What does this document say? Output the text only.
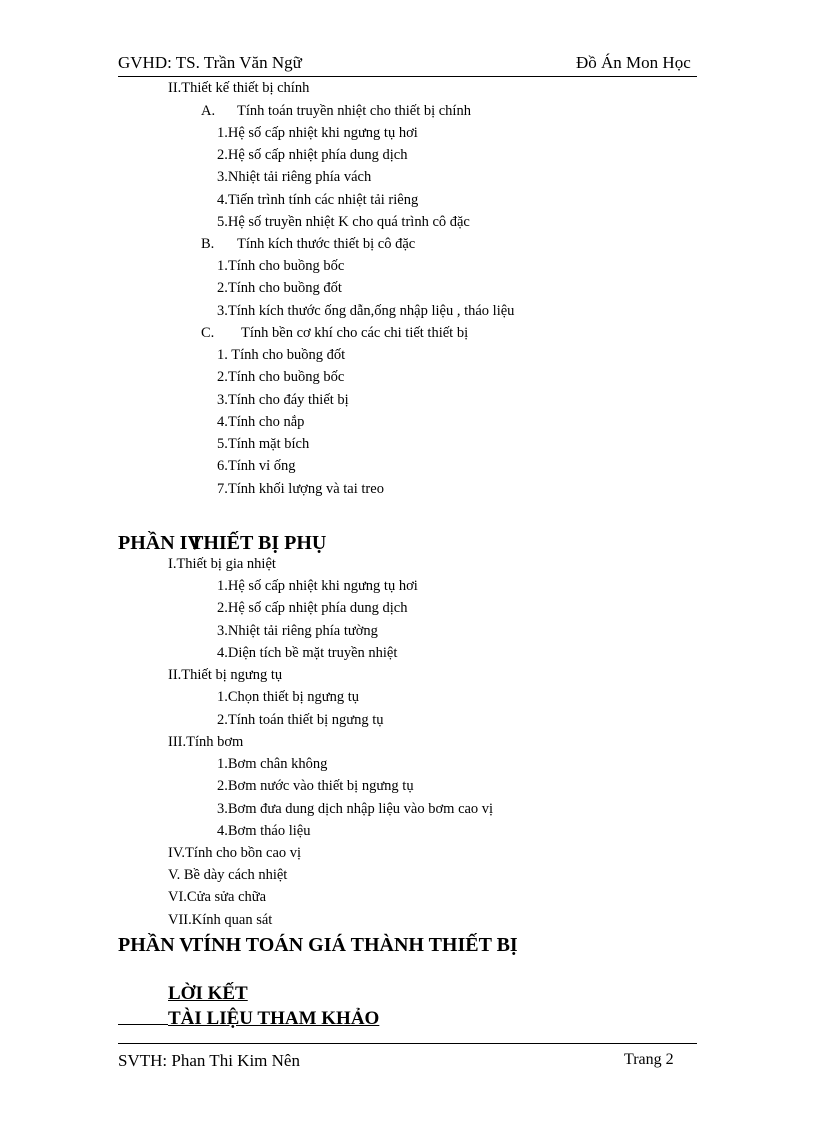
GVHD: TS. Trần Văn Ngữ	Đồ Án Mon Học
II.Thiết kế thiết bị chính
A. Tính toán truyền nhiệt cho thiết bị chính
1.Hệ số cấp nhiệt khi ngưng tụ hơi
2.Hệ số cấp nhiệt phía dung dịch
3.Nhiệt tải riêng phía vách
4.Tiến trình tính các nhiệt tải riêng
5.Hệ số truyền nhiệt K cho quá trình cô đặc
B. Tính kích thước thiết bị cô đặc
1.Tính cho buồng bốc
2.Tính cho buồng đốt
3.Tính kích thước ống dẫn,ống nhập liệu , tháo liệu
C. Tính bền cơ khí cho các chi tiết thiết bị
1. Tính cho buồng đốt
2.Tính cho buồng bốc
3.Tính cho đáy thiết bị
4.Tính cho nắp
5.Tính mặt bích
6.Tính vỉ ống
7.Tính khối lượng và tai treo
PHẦN IVTHIẾT BỊ PHỤ
I.Thiết bị gia nhiệt
1.Hệ số cấp nhiệt khi ngưng tụ hơi
2.Hệ số cấp nhiệt phía dung dịch
3.Nhiệt tải riêng phía tường
4.Diện tích bề mặt truyền nhiệt
II.Thiết bị ngưng tụ
1.Chọn thiết bị ngưng tụ
2.Tính toán thiết bị ngưng tụ
III.Tính bơm
1.Bơm chân không
2.Bơm nước vào thiết bị ngưng tụ
3.Bơm đưa dung dịch nhập liệu vào bơm cao vị
4.Bơm tháo liệu
IV.Tính cho bồn cao vị
V. Bề dày cách nhiệt
VI.Cửa sửa chữa
VII.Kính quan sát
PHẦN VTÍNH TOÁN GIÁ THÀNH THIẾT BỊ
LỜI KẾT
TÀI LIỆU THAM KHẢO
SVTH: Phan Thi Kim Nên	Trang 2
